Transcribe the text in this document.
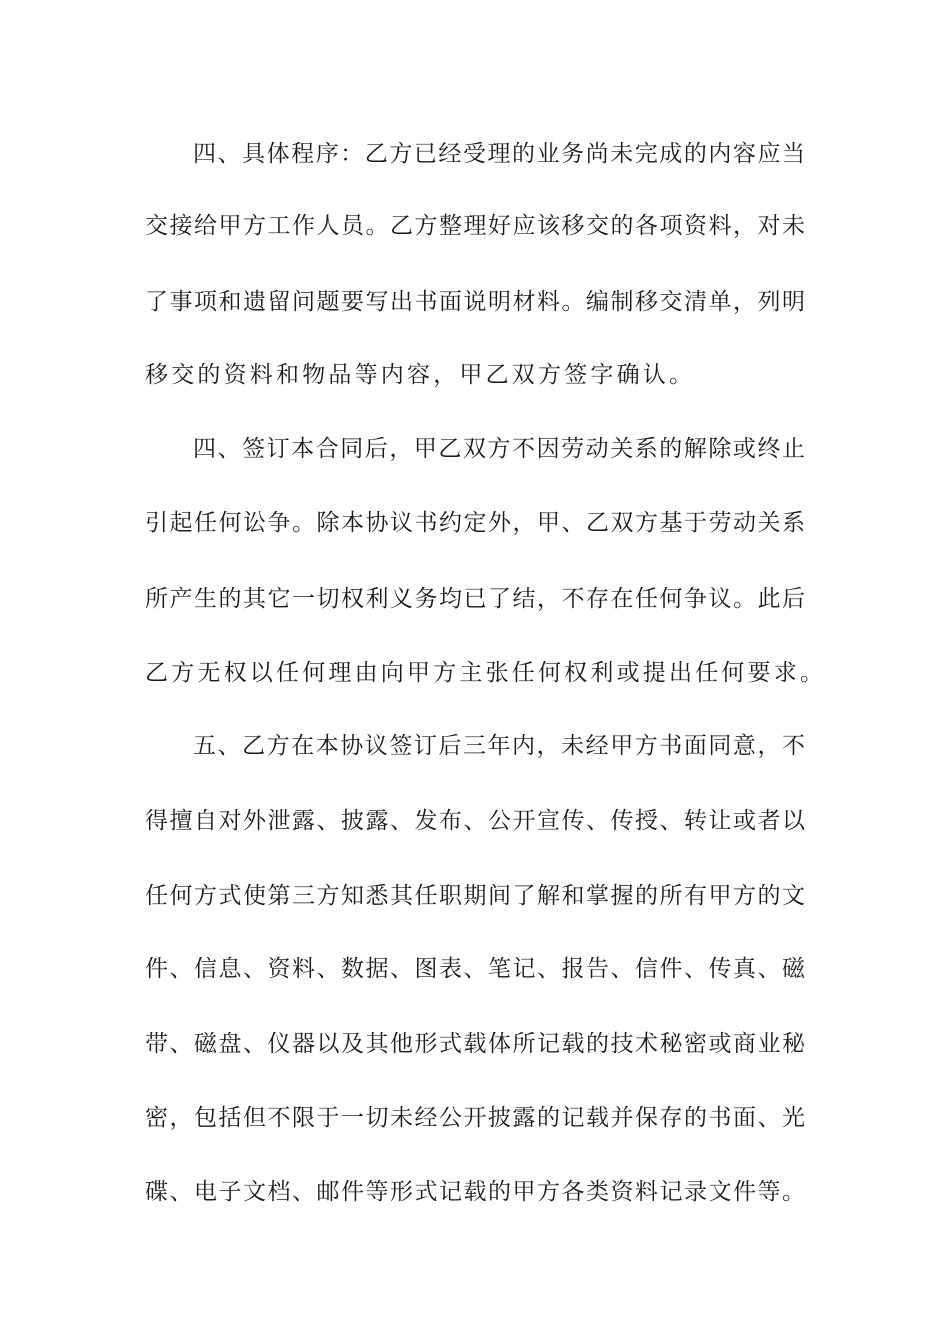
四、具体程序：乙方已经受理的业务尚未完成的内容应当
交接给甲方工作人员。乙方整理好应该移交的各项资料，对未
了事项和遗留问题要写出书面说明材料。编制移交清单，列明
移交的资料和物品等内容，甲乙双方签字确认。
四、签订本合同后，甲乙双方不因劳动关系的解除或终止
引起任何讼争。除本协议书约定外，甲、乙双方基于劳动关系
所产生的其它一切权利义务均已了结，不存在任何争议。此后
乙方无权以任何理由向甲方主张任何权利或提出任何要求。
五、乙方在本协议签订后三年内，未经甲方书面同意，不
得擅自对外泄露、披露、发布、公开宣传、传授、转让或者以
任何方式使第三方知悉其任职期间了解和掌握的所有甲方的文
件、信息、资料、数据、图表、笔记、报告、信件、传真、磁
带、磁盘、仪器以及其他形式载体所记载的技术秘密或商业秘
密，包括但不限于一切未经公开披露的记载并保存的书面、光
碟、电子文档、邮件等形式记载的甲方各类资料记录文件等。
